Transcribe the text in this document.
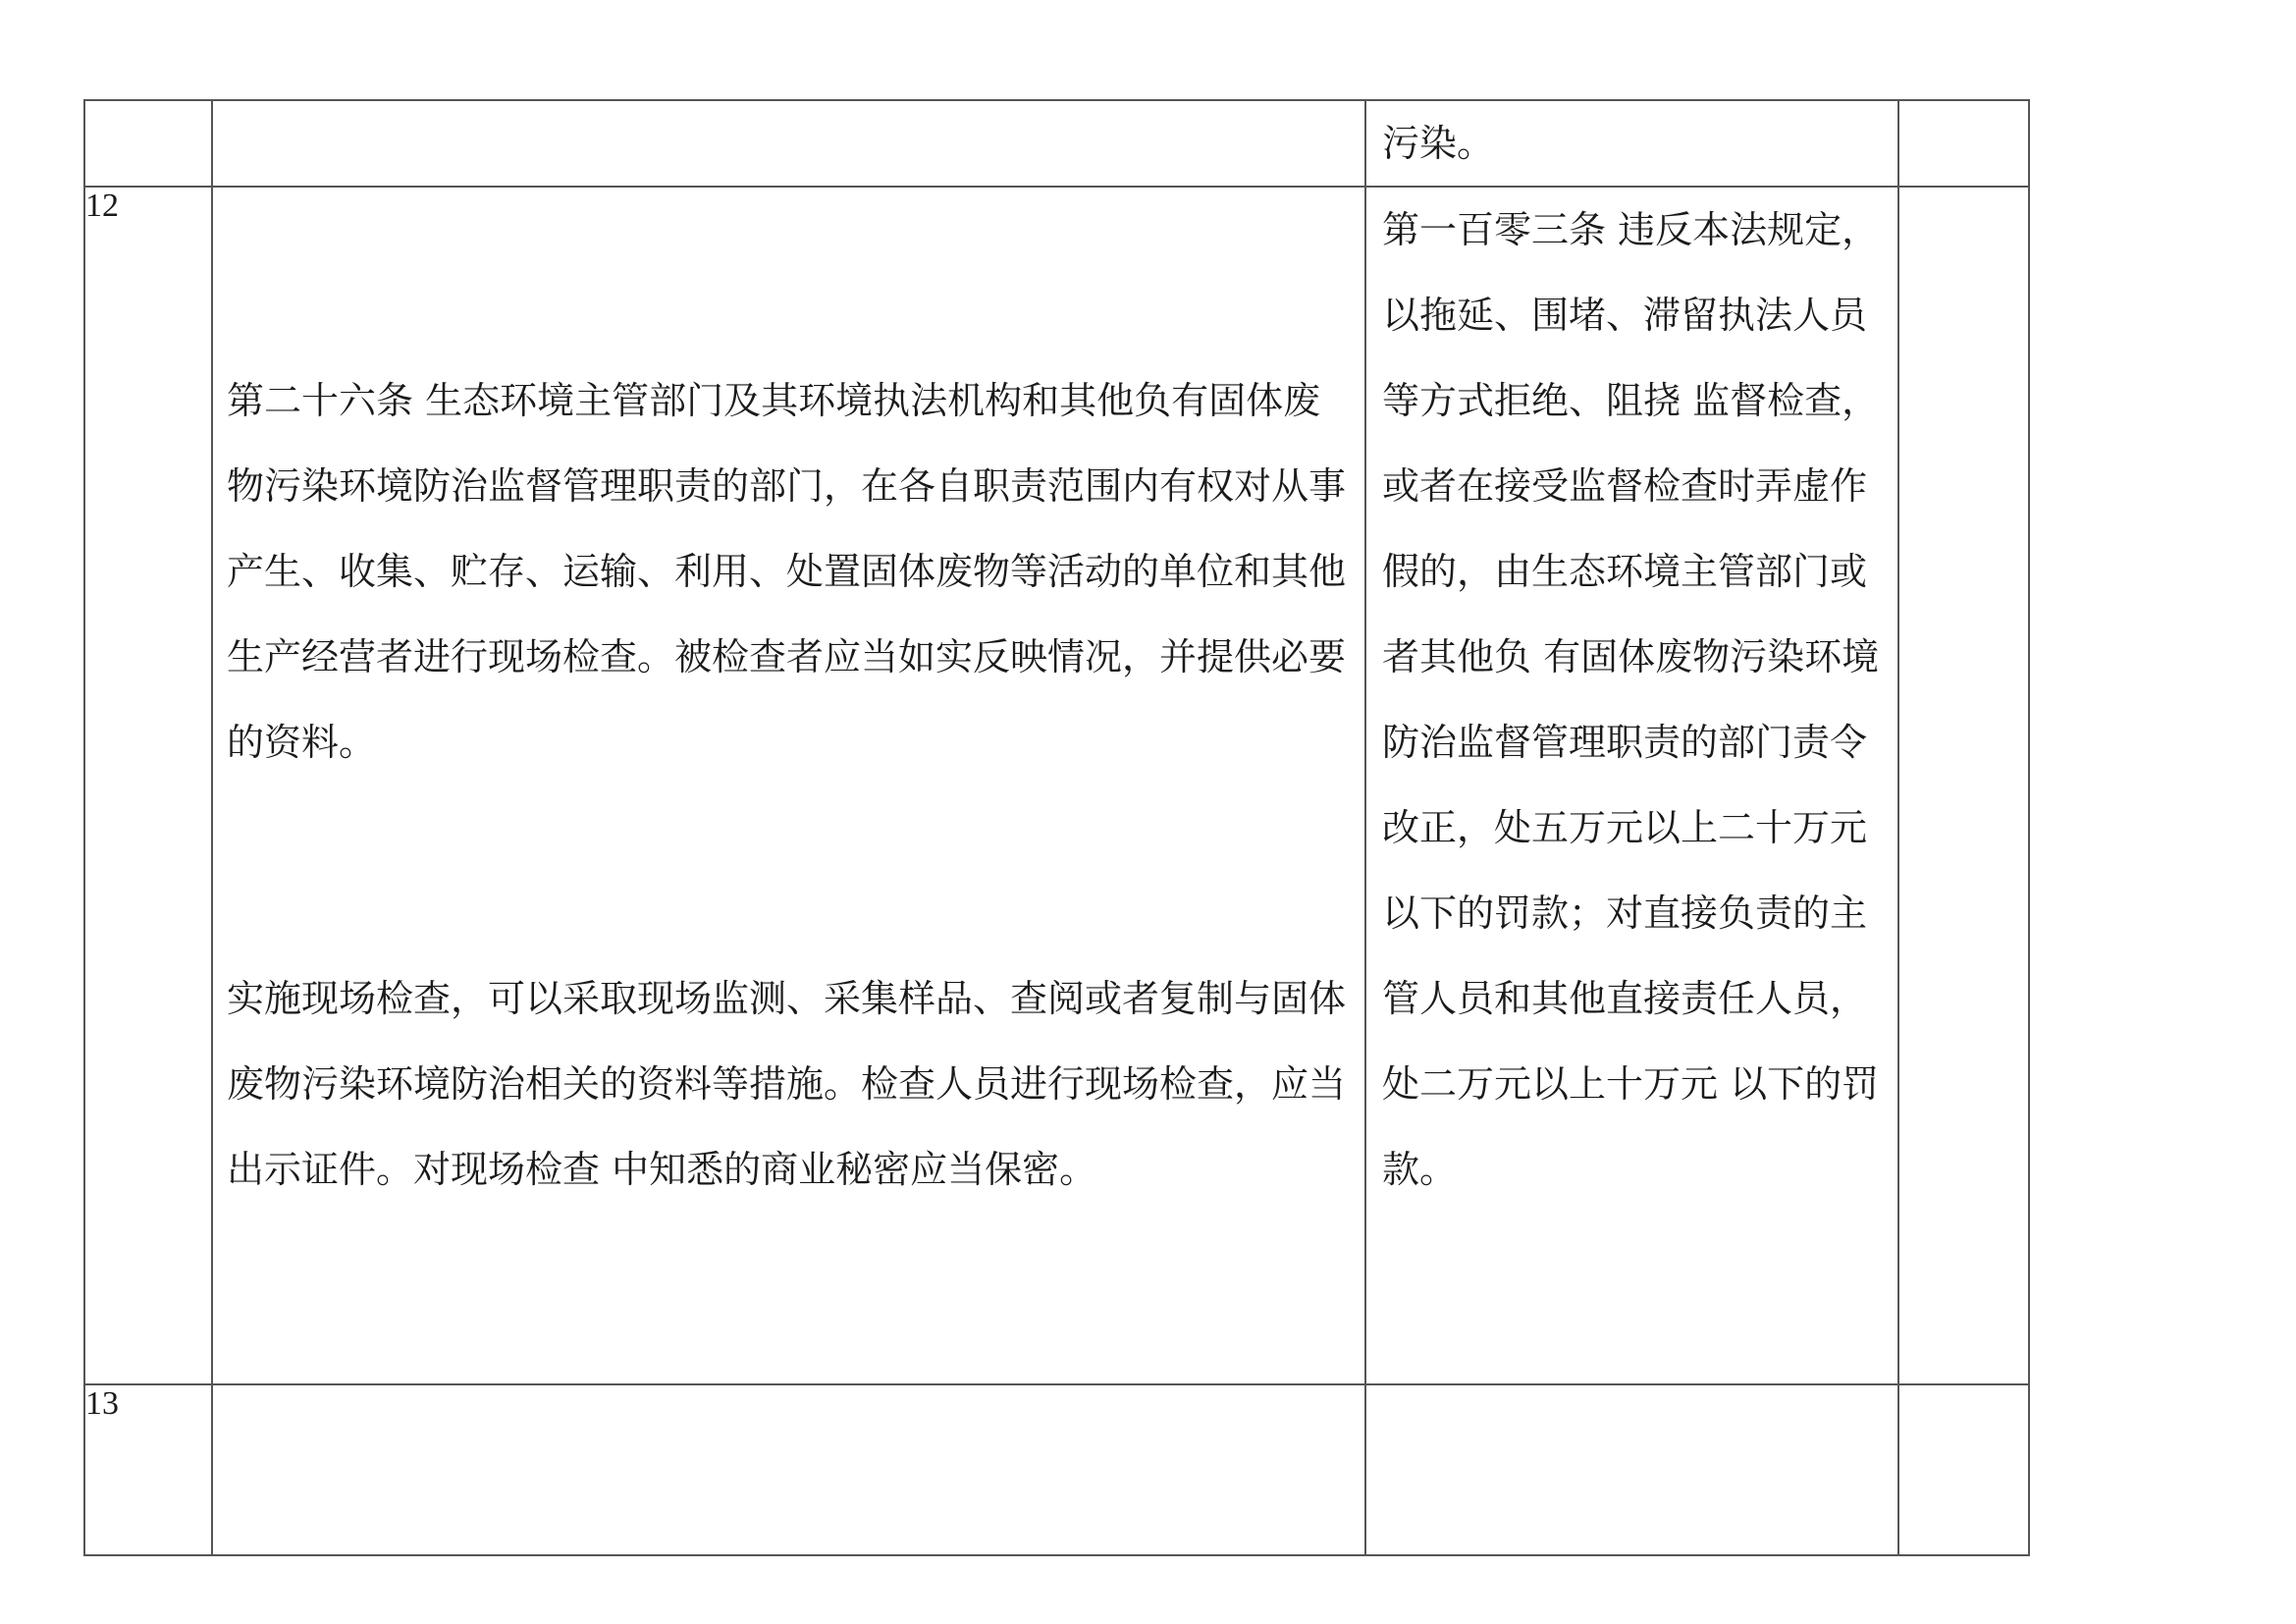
		污染。	

12	第二十六条 生态环境主管部门及其环境执法机构和其他负有固体废物污染环境防治监督管理职责的部门，在各自职责范围内有权对从事产生、收集、贮存、运输、利用、处置固体废物等活动的单位和其他生产经营者进行现场检查。被检查者应当如实反映情况，并提供必要的资料。

实施现场检查，可以采取现场监测、采集样品、查阅或者复制与固体废物污染环境防治相关的资料等措施。检查人员进行现场检查，应当出示证件。对现场检查 中知悉的商业秘密应当保密。	第一百零三条 违反本法规定，以拖延、围堵、滞留执法人员等方式拒绝、阻挠 监督检查，或者在接受监督检查时弄虚作假的，由生态环境主管部门或者其他负 有固体废物污染环境防治监督管理职责的部门责令改正，处五万元以上二十万元 以下的罚款；对直接负责的主管人员和其他直接责任人员，处二万元以上十万元 以下的罚款。	

13		
